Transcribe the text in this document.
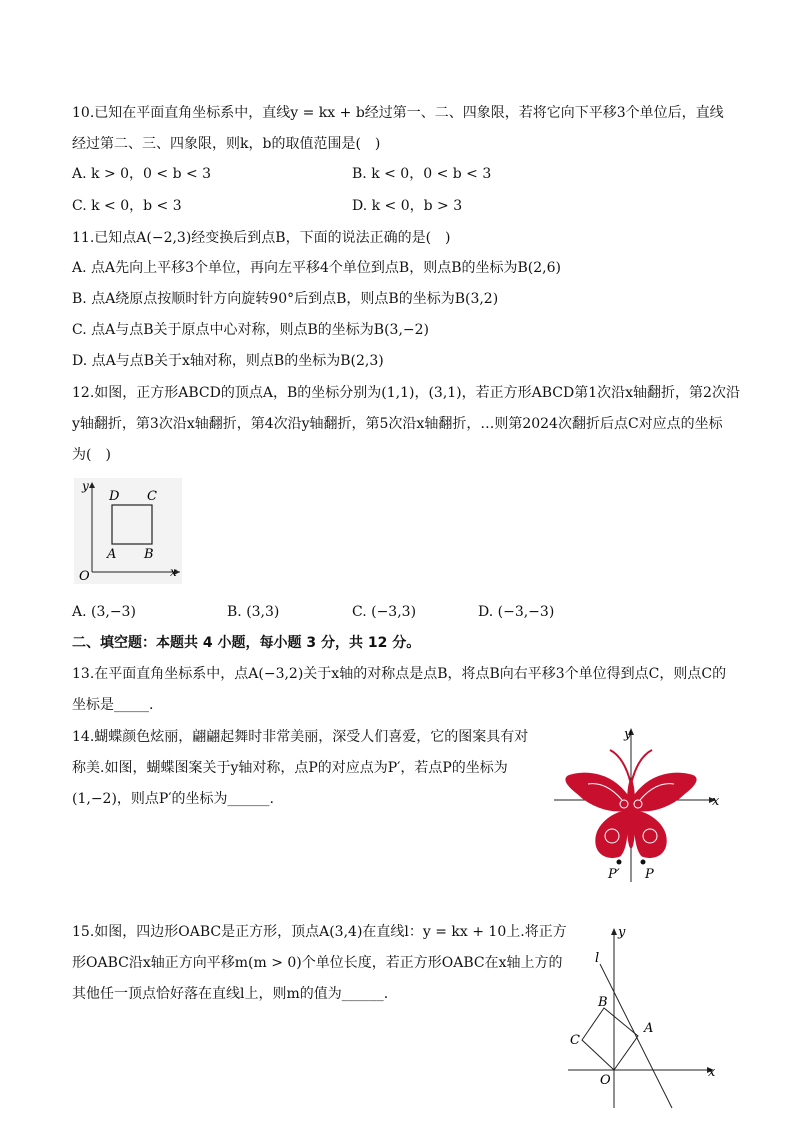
10.已知在平面直角坐标系中，直线y = kx + b经过第一、二、四象限，若将它向下平移3个单位后，直线
经过第二、三、四象限，则k，b的取值范围是(　)
A. k > 0，0 < b < 3	B. k < 0，0 < b < 3
C. k < 0，b < 3	D. k < 0，b > 3
11.已知点A(−2,3)经变换后到点B，下面的说法正确的是(　)
A. 点A先向上平移3个单位，再向左平移4个单位到点B，则点B的坐标为B(2,6)
B. 点A绕原点按顺时针方向旋转90°后到点B，则点B的坐标为B(3,2)
C. 点A与点B关于原点中心对称，则点B的坐标为B(3,−2)
D. 点A与点B关于x轴对称，则点B的坐标为B(2,3)
12.如图，正方形ABCD的顶点A，B的坐标分别为(1,1)，(3,1)，若正方形ABCD第1次沿x轴翻折，第2次沿
y轴翻折，第3次沿x轴翻折，第4次沿y轴翻折，第5次沿x轴翻折，…则第2024次翻折后点C对应点的坐标
为(　)
y
x
O
D C
A B
A. (3,−3)	B. (3,3)	C. (−3,3)	D. (−3,−3)
二、填空题：本题共 4 小题，每小题 3 分，共 12 分。
13.在平面直角坐标系中，点A(−3,2)关于x轴的对称点是点B，将点B向右平移3个单位得到点C，则点C的
坐标是_____.
14.蝴蝶颜色炫丽，翩翩起舞时非常美丽，深受人们喜爱，它的图案具有对
称美.如图，蝴蝶图案关于y轴对称，点P的对应点为P′，若点P的坐标为
(1,−2)，则点P′的坐标为______.
y
x
P′ P
15.如图，四边形OABC是正方形，顶点A(3,4)在直线l：y = kx + 10上.将正方
形OABC沿x轴正方向平移m(m > 0)个单位长度，若正方形OABC在x轴上方的
其他任一顶点恰好落在直线l上，则m的值为______.
y
x
l
B
A
C
O
